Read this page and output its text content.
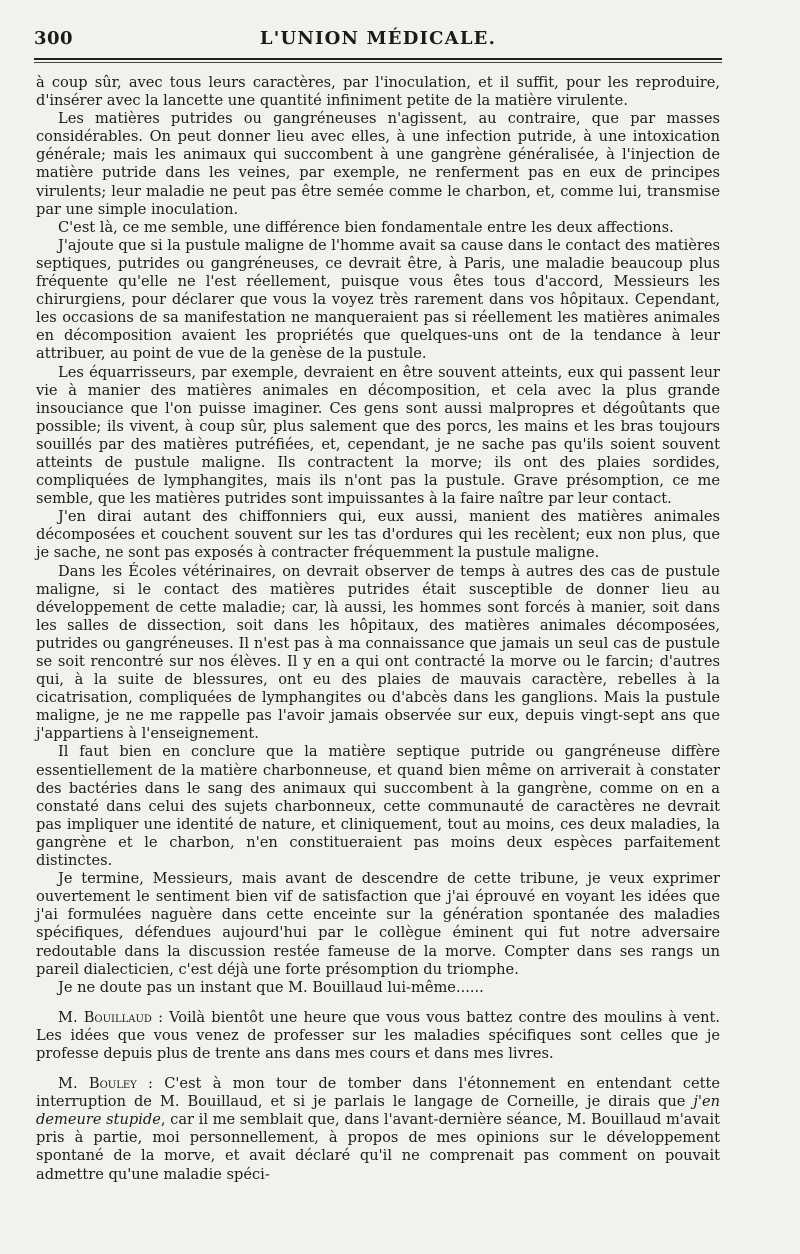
300	L'UNION MÉDICALE.

à coup sûr, avec tous leurs caractères, par l'inoculation, et il suffit, pour les reproduire, d'insérer avec la lancette une quantité infiniment petite de la matière virulente.

Les matières putrides ou gangréneuses n'agissent, au contraire, que par masses considérables. On peut donner lieu avec elles, à une infection putride, à une intoxication générale; mais les animaux qui succombent à une gangrène généralisée, à l'injection de matière putride dans les veines, par exemple, ne renferment pas en eux de principes virulents; leur maladie ne peut pas être semée comme le charbon, et, comme lui, transmise par une simple inoculation.

C'est là, ce me semble, une différence bien fondamentale entre les deux affections.

J'ajoute que si la pustule maligne de l'homme avait sa cause dans le contact des matières septiques, putrides ou gangréneuses, ce devrait être, à Paris, une maladie beaucoup plus fréquente qu'elle ne l'est réellement, puisque vous êtes tous d'accord, Messieurs les chirurgiens, pour déclarer que vous la voyez très rarement dans vos hôpitaux. Cependant, les occasions de sa manifestation ne manqueraient pas si réellement les matières animales en décomposition avaient les propriétés que quelques-uns ont de la tendance à leur attribuer, au point de vue de la genèse de la pustule.

Les équarrisseurs, par exemple, devraient en être souvent atteints, eux qui passent leur vie à manier des matières animales en décomposition, et cela avec la plus grande insouciance que l'on puisse imaginer. Ces gens sont aussi malpropres et dégoûtants que possible; ils vivent, à coup sûr, plus salement que des porcs, les mains et les bras toujours souillés par des matières putréfiées, et, cependant, je ne sache pas qu'ils soient souvent atteints de pustule maligne. Ils contractent la morve; ils ont des plaies sordides, compliquées de lymphangites, mais ils n'ont pas la pustule. Grave présomption, ce me semble, que les matières putrides sont impuissantes à la faire naître par leur contact.

J'en dirai autant des chiffonniers qui, eux aussi, manient des matières animales décomposées et couchent souvent sur les tas d'ordures qui les recèlent; eux non plus, que je sache, ne sont pas exposés à contracter fréquemment la pustule maligne.

Dans les Écoles vétérinaires, on devrait observer de temps à autres des cas de pustule maligne, si le contact des matières putrides était susceptible de donner lieu au développement de cette maladie; car, là aussi, les hommes sont forcés à manier, soit dans les salles de dissection, soit dans les hôpitaux, des matières animales décomposées, putrides ou gangréneuses. Il n'est pas à ma connaissance que jamais un seul cas de pustule se soit rencontré sur nos élèves. Il y en a qui ont contracté la morve ou le farcin; d'autres qui, à la suite de blessures, ont eu des plaies de mauvais caractère, rebelles à la cicatrisation, compliquées de lymphangites ou d'abcès dans les ganglions. Mais la pustule maligne, je ne me rappelle pas l'avoir jamais observée sur eux, depuis vingt-sept ans que j'appartiens à l'enseignement.

Il faut bien en conclure que la matière septique putride ou gangréneuse diffère essentiellement de la matière charbonneuse, et quand bien même on arriverait à constater des bactéries dans le sang des animaux qui succombent à la gangrène, comme on en a constaté dans celui des sujets charbonneux, cette communauté de caractères ne devrait pas impliquer une identité de nature, et cliniquement, tout au moins, ces deux maladies, la gangrène et le charbon, n'en constitueraient pas moins deux espèces parfaitement distinctes.

Je termine, Messieurs, mais avant de descendre de cette tribune, je veux exprimer ouvertement le sentiment bien vif de satisfaction que j'ai éprouvé en voyant les idées que j'ai formulées naguère dans cette enceinte sur la génération spontanée des maladies spécifiques, défendues aujourd'hui par le collègue éminent qui fut notre adversaire redoutable dans la discussion restée fameuse de la morve. Compter dans ses rangs un pareil dialecticien, c'est déjà une forte présomption du triomphe.

Je ne doute pas un instant que M. Bouillaud lui-même......

M. Bouillaud : Voilà bientôt une heure que vous vous battez contre des moulins à vent. Les idées que vous venez de professer sur les maladies spécifiques sont celles que je professe depuis plus de trente ans dans mes cours et dans mes livres.

M. Bouley : C'est à mon tour de tomber dans l'étonnement en entendant cette interruption de M. Bouillaud, et si je parlais le langage de Corneille, je dirais que j'en demeure stupide, car il me semblait que, dans l'avant-dernière séance, M. Bouillaud m'avait pris à partie, moi personnellement, à propos de mes opinions sur le développement spontané de la morve, et avait déclaré qu'il ne comprenait pas comment on pouvait admettre qu'une maladie spéci-
